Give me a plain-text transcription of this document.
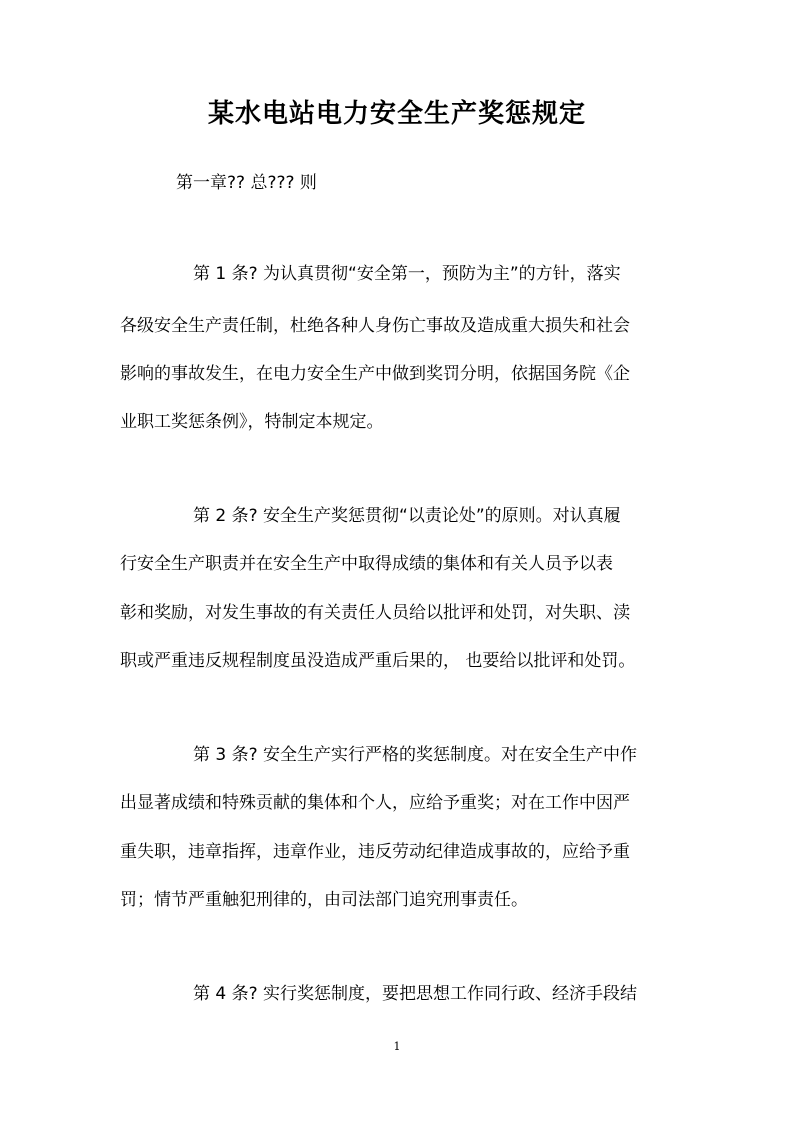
某水电站电力安全生产奖惩规定
第一章?? 总??? 则
第 1 条? 为认真贯彻“安全第一，预防为主”的方针，落实
各级安全生产责任制，杜绝各种人身伤亡事故及造成重大损失和社会
影响的事故发生，在电力安全生产中做到奖罚分明，依据国务院《企
业职工奖惩条例》，特制定本规定。
第 2 条? 安全生产奖惩贯彻“以责论处”的原则。对认真履
行安全生产职责并在安全生产中取得成绩的集体和有关人员予以表
彰和奖励，对发生事故的有关责任人员给以批评和处罚，对失职、渎
职或严重违反规程制度虽没造成严重后果的， 也要给以批评和处罚。
第 3 条? 安全生产实行严格的奖惩制度。对在安全生产中作
出显著成绩和特殊贡献的集体和个人，应给予重奖；对在工作中因严
重失职，违章指挥，违章作业，违反劳动纪律造成事故的，应给予重
罚；情节严重触犯刑律的，由司法部门追究刑事责任。
第 4 条? 实行奖惩制度，要把思想工作同行政、经济手段结
1
